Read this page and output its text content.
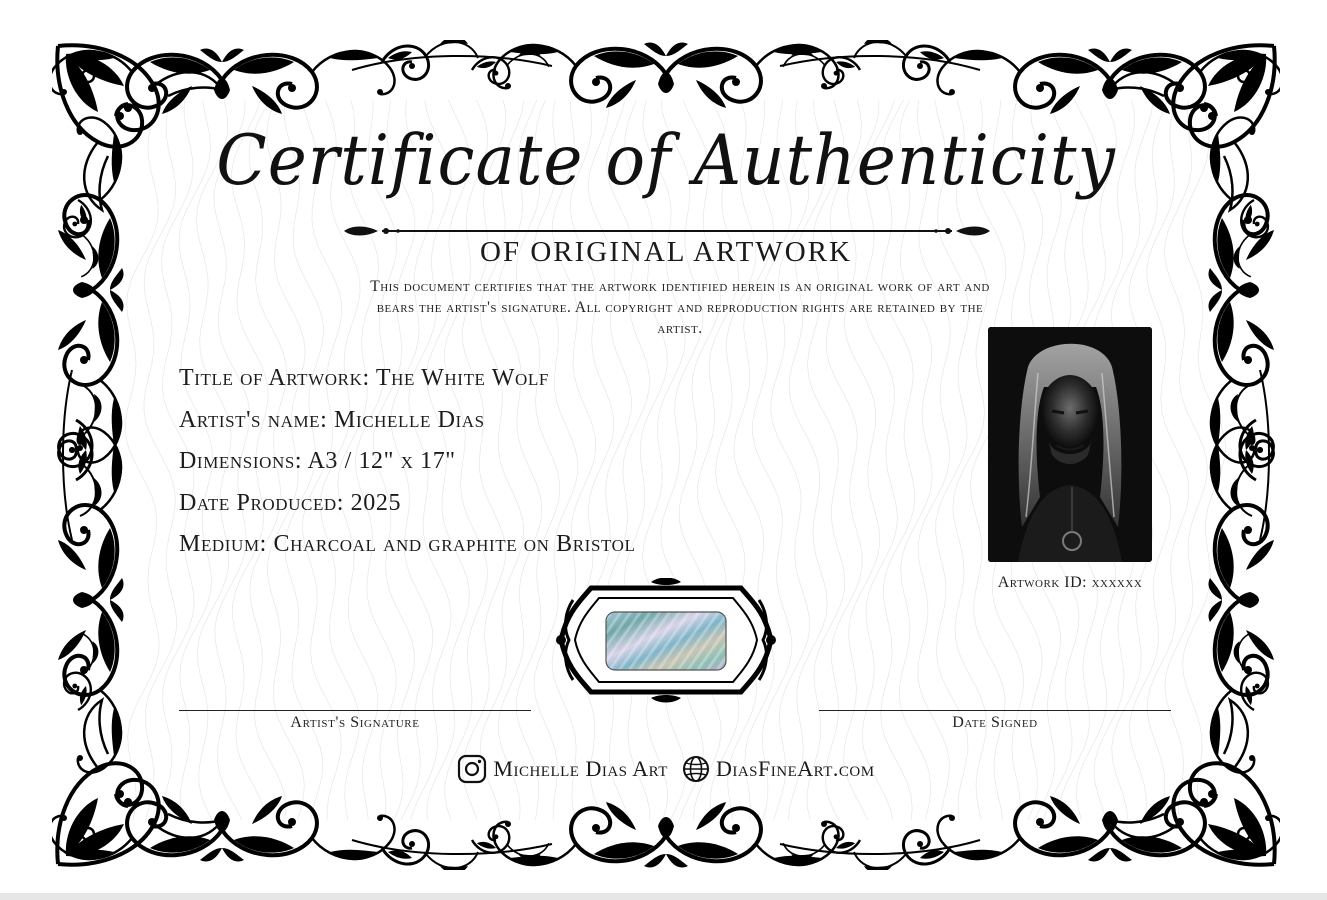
Certificate of Authenticity
OF ORIGINAL ARTWORK
This document certifies that the artwork identified herein is an original work of art and bears the artist's signature. All copyright and reproduction rights are retained by the artist.
Title of Artwork: The White Wolf
Artist's name: Michelle Dias
Dimensions: A3 / 12" x 17"
Date Produced: 2025
Medium: Charcoal and graphite on Bristol
Artwork ID: xxxxxx
Artist's Signature	Date Signed
Michelle Dias Art DiasFineArt.com
